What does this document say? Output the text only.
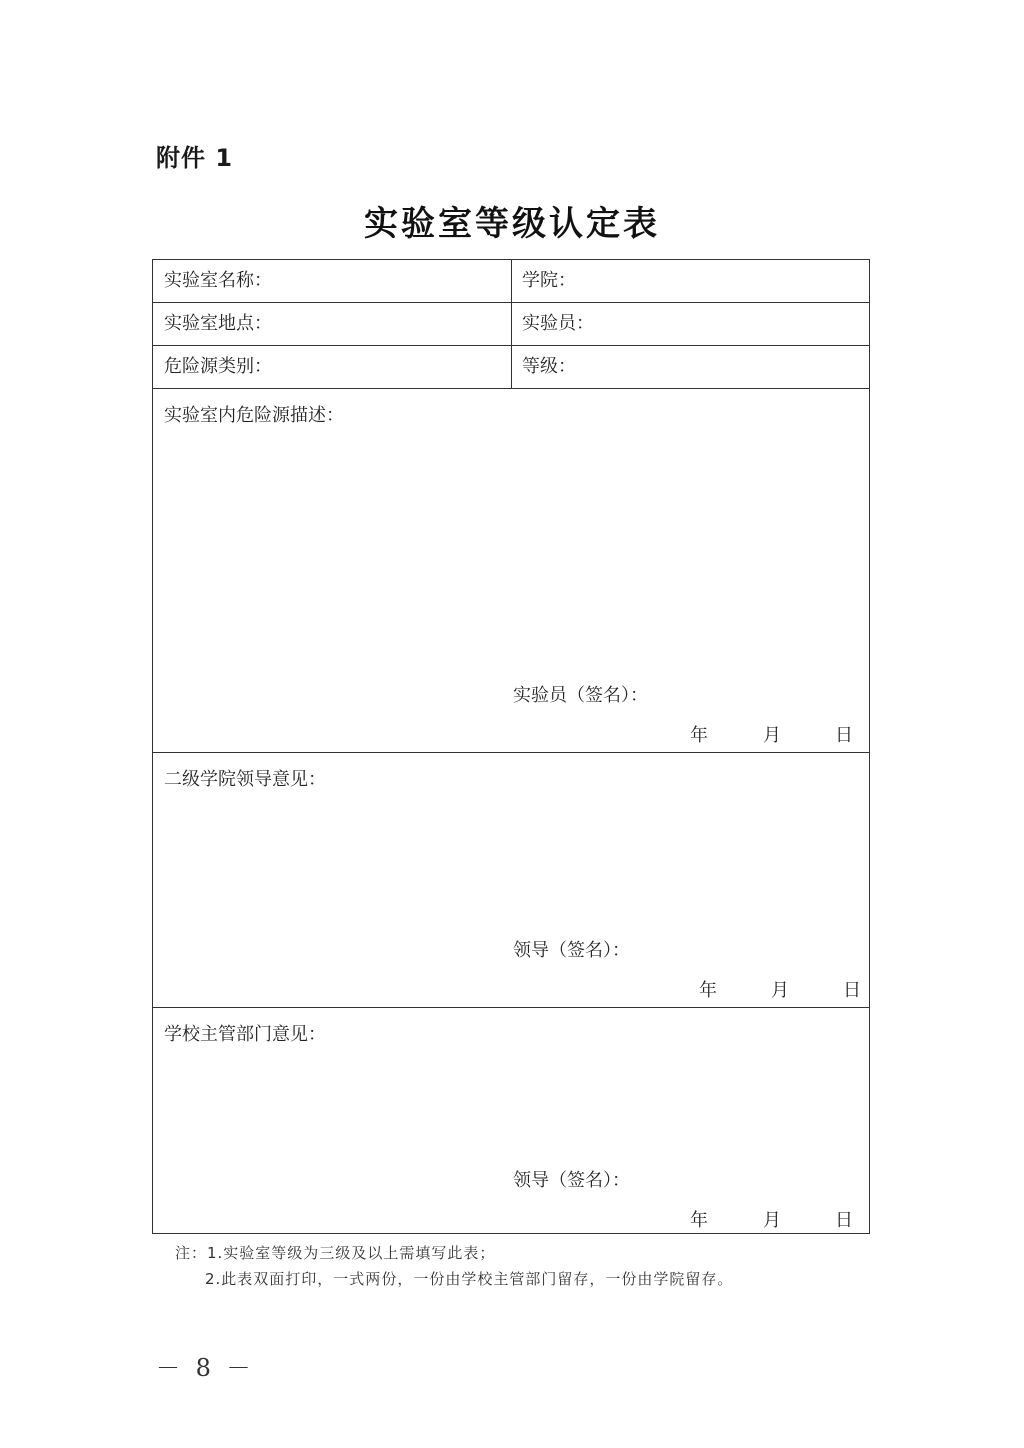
附件 1
实验室等级认定表
实验室名称：	学院：
实验室地点：	实验员：
危险源类别：	等级：
实验室内危险源描述：
实验员（签名）：
年	月	日
二级学院领导意见：
领导（签名）：
年	月	日
学校主管部门意见：
领导（签名）：
年	月	日
注：1.实验室等级为三级及以上需填写此表；
2.此表双面打印，一式两份，一份由学校主管部门留存，一份由学院留存。
－ 8 －
